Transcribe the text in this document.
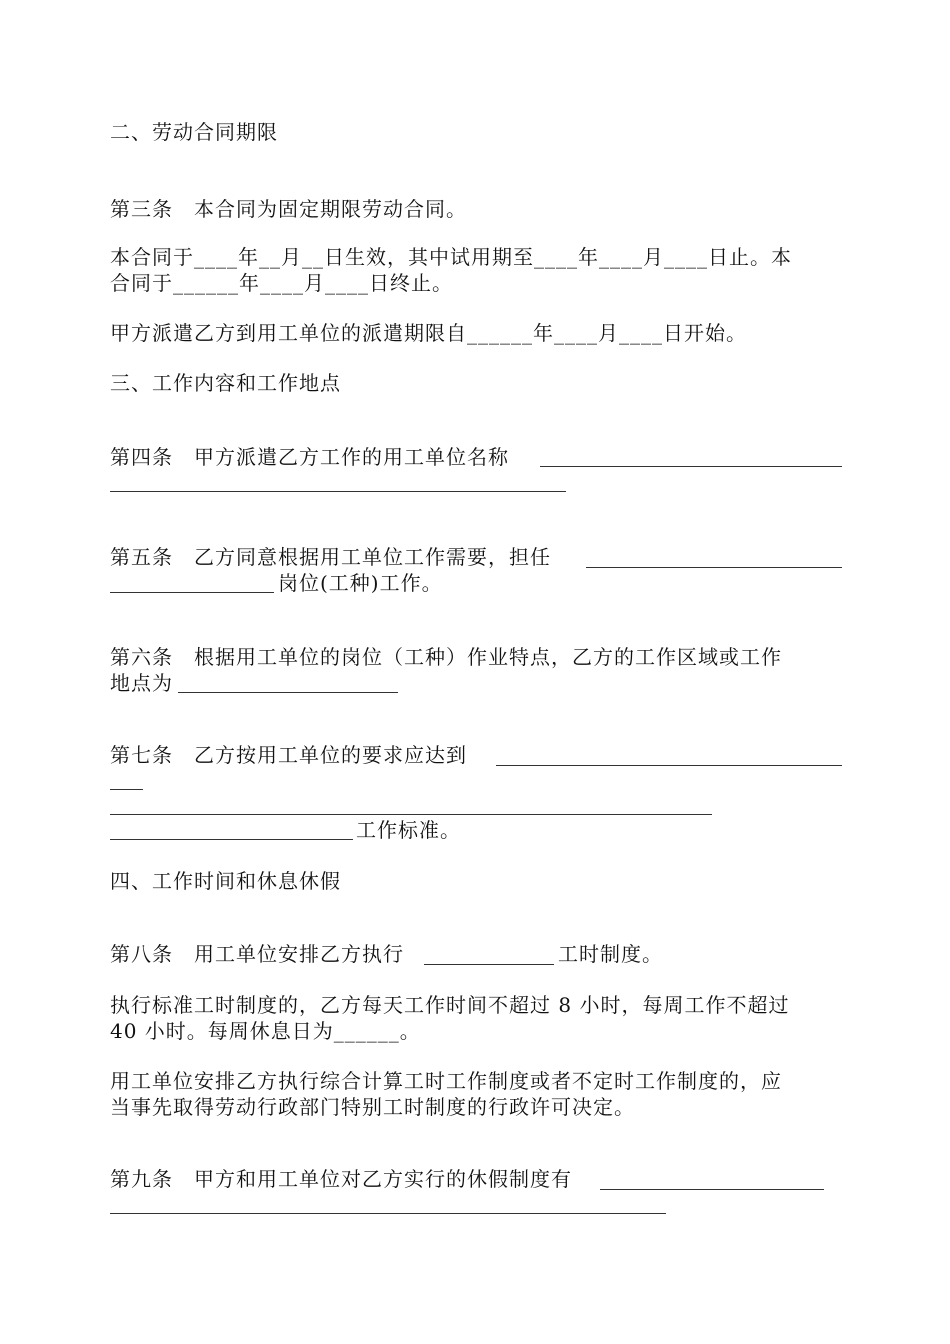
二、劳动合同期限
第三条　本合同为固定期限劳动合同。
本合同于____年__月__日生效，其中试用期至____年____月____日止。本
合同于______年____月____日终止。
甲方派遣乙方到用工单位的派遣期限自______年____月____日开始。
三、工作内容和工作地点
第四条　甲方派遣乙方工作的用工单位名称
第五条　乙方同意根据用工单位工作需要，担任
岗位(工种)工作。
第六条　根据用工单位的岗位（工种）作业特点，乙方的工作区域或工作
地点为
第七条　乙方按用工单位的要求应达到
工作标准。
四、工作时间和休息休假
第八条　用工单位安排乙方执行	工时制度。
执行标准工时制度的，乙方每天工作时间不超过 8 小时，每周工作不超过
40 小时。每周休息日为______。
用工单位安排乙方执行综合计算工时工作制度或者不定时工作制度的，应
当事先取得劳动行政部门特别工时制度的行政许可决定。
第九条　甲方和用工单位对乙方实行的休假制度有
